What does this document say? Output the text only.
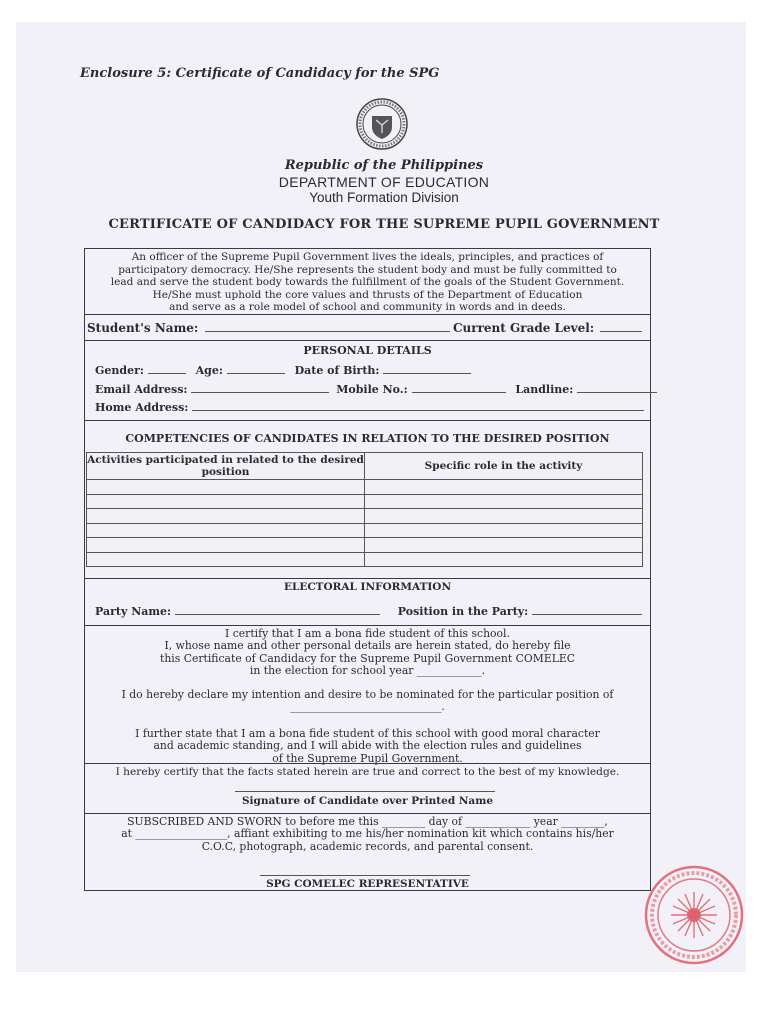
Enclosure 5: Certificate of Candidacy for the SPG
Republic of the Philippines
DEPARTMENT OF EDUCATION
Youth Formation Division
CERTIFICATE OF CANDIDACY FOR THE SUPREME PUPIL GOVERNMENT
An officer of the Supreme Pupil Government lives the ideals, principles, and practices of
participatory democracy. He/She represents the student body and must be fully committed to
lead and serve the student body towards the fulfillment of the goals of the Student Government.
He/She must uphold the core values and thrusts of the Department of Education
and serve as a role model of school and community in words and in deeds.
Student's Name:	Current Grade Level:
PERSONAL DETAILS
Gender:	Age:	Date of Birth:
Email Address:	Mobile No.:	Landline:
Home Address:
COMPETENCIES OF CANDIDATES IN RELATION TO THE DESIRED POSITION
ELECTORAL INFORMATION
Party Name:	Position in the Party:
I certify that I am a bona fide student of this school.
I, whose name and other personal details are herein stated, do hereby file
this Certificate of Candidacy for the Supreme Pupil Government COMELEC
in the election for school year ____________.
I do hereby declare my intention and desire to be nominated for the particular position of
____________________________.
I further state that I am a bona fide student of this school with good moral character
and academic standing, and I will abide with the election rules and guidelines
of the Supreme Pupil Government.
I hereby certify that the facts stated herein are true and correct to the best of my knowledge.
Signature of Candidate over Printed Name
SUBSCRIBED AND SWORN to before me this ________ day of ____________ year ________,
at _________________, affiant exhibiting to me his/her nomination kit which contains his/her
C.O.C, photograph, academic records, and parental consent.
SPG COMELEC REPRESENTATIVE
Activities participated in related to the desired position	Specific role in the activity
